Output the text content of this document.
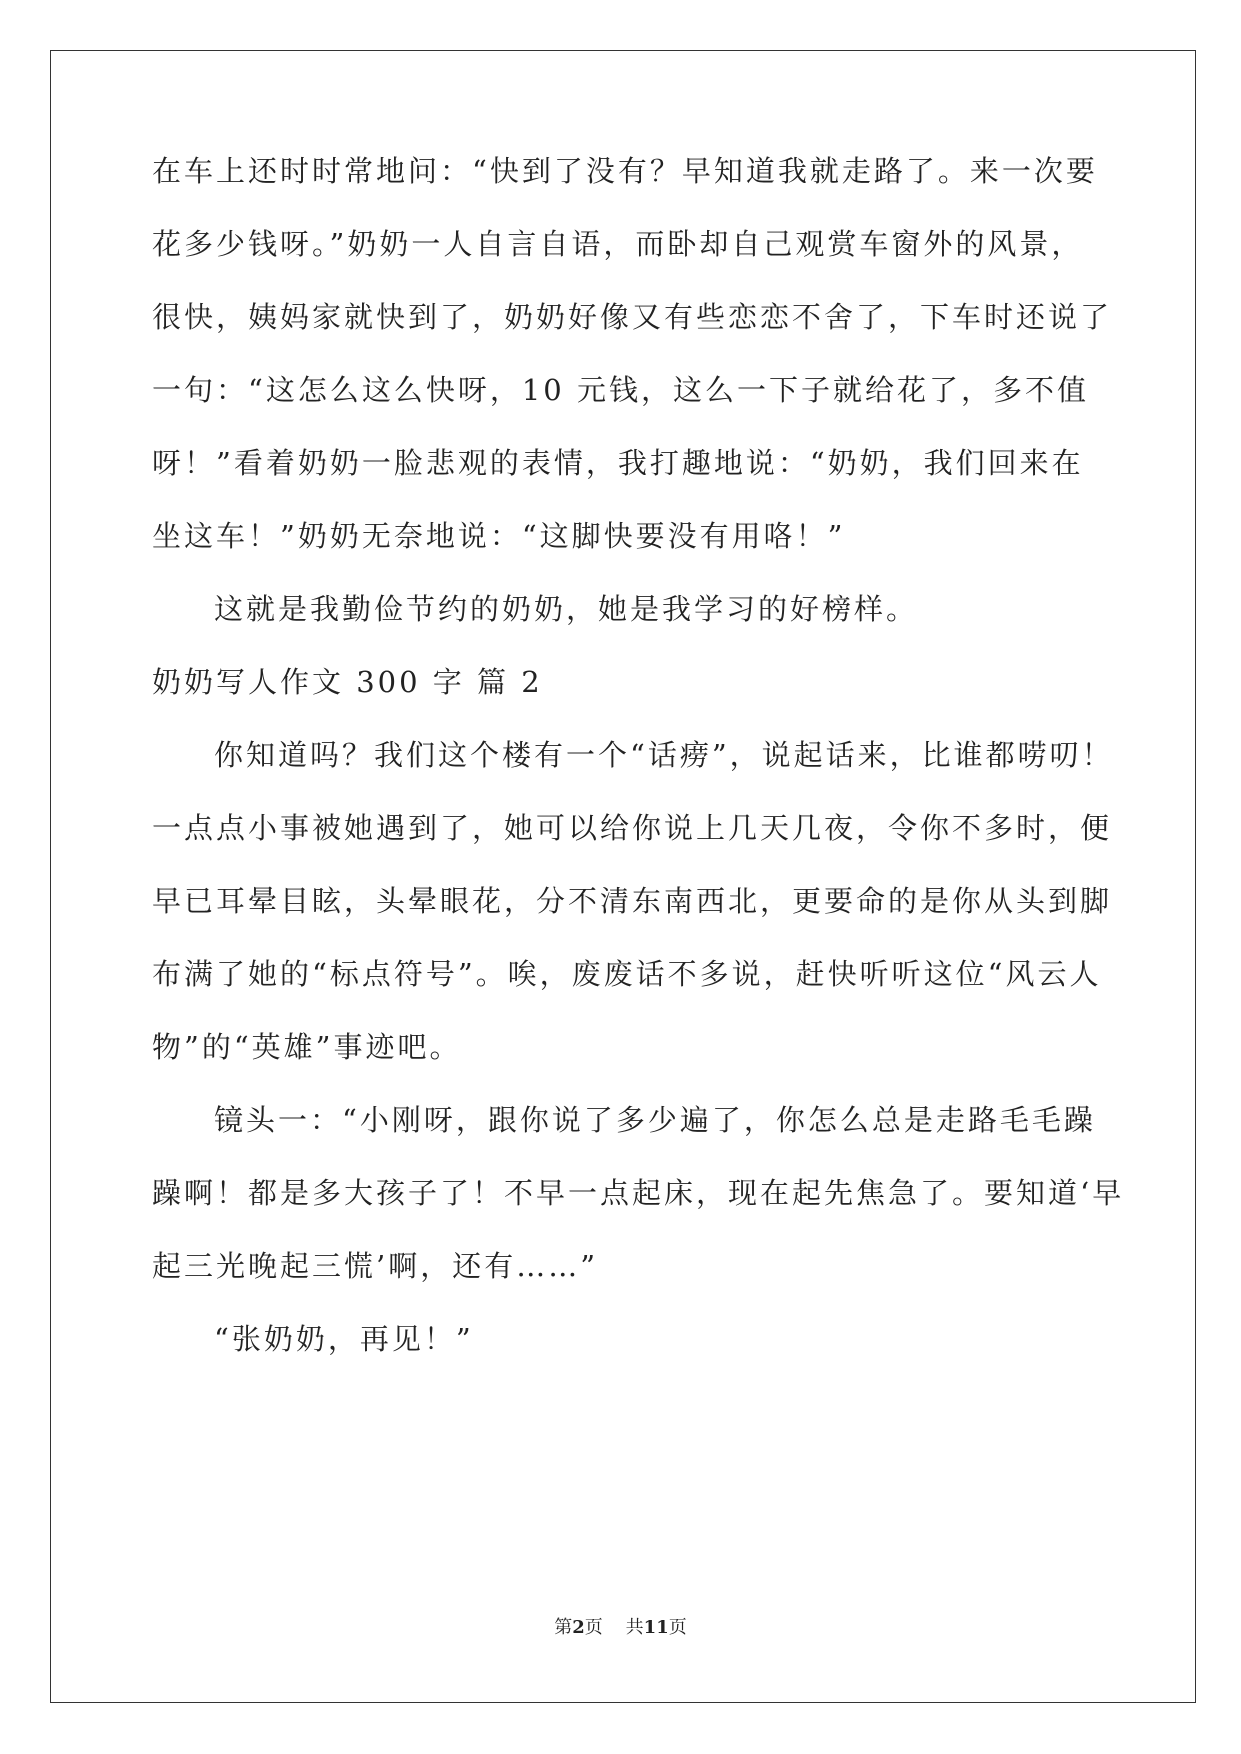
在车上还时时常地问：“快到了没有？早知道我就走路了。来一次要
花多少钱呀。”奶奶一人自言自语，而卧却自己观赏车窗外的风景，
很快，姨妈家就快到了，奶奶好像又有些恋恋不舍了，下车时还说了
一句：“这怎么这么快呀，10 元钱，这么一下子就给花了，多不值
呀！”看着奶奶一脸悲观的表情，我打趣地说：“奶奶，我们回来在
坐这车！”奶奶无奈地说：“这脚快要没有用咯！”
这就是我勤俭节约的奶奶，她是我学习的好榜样。
奶奶写人作文 300 字 篇 2
你知道吗？我们这个楼有一个“话痨”，说起话来，比谁都唠叨！
一点点小事被她遇到了，她可以给你说上几天几夜，令你不多时，便
早已耳晕目眩，头晕眼花，分不清东南西北，更要命的是你从头到脚
布满了她的“标点符号”。唉，废废话不多说，赶快听听这位“风云人
物”的“英雄”事迹吧。
镜头一：“小刚呀，跟你说了多少遍了，你怎么总是走路毛毛躁
躁啊！都是多大孩子了！不早一点起床，现在起先焦急了。要知道‘早
起三光晚起三慌’啊，还有……”
“张奶奶，再见！”
第2页 共11页
